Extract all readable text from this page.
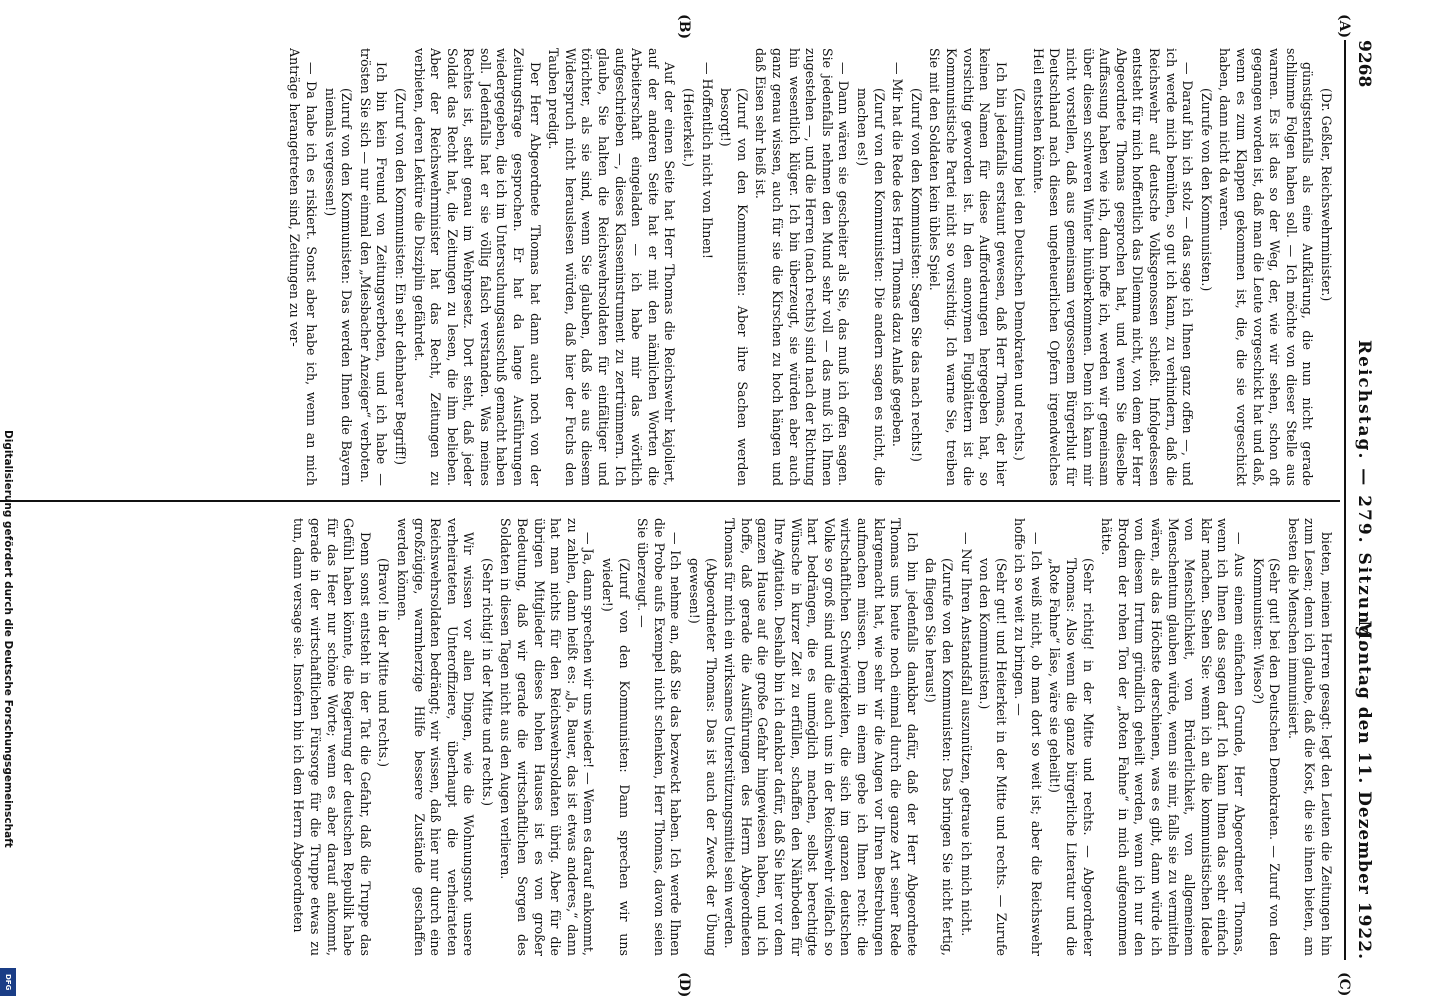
9268
Reichstag. — 279. Sitzung.
Montag den 11. Dezember 1922.
(A)
(B)
(C)
(D)

(Dr. Geßler, Reichswehrminister.)

günstigstenfalls als eine Aufklärung, die nun nicht gerade schlimme Folgen haben soll. — Ich möchte von dieser Stelle aus warnen. Es ist das so der Weg, der, wie wir sehen, schon oft gegangen worden ist, daß man die Leute vorgeschickt hat und daß, wenn es zum Klappen gekommen ist, die, die sie vorgeschickt haben, dann nicht da waren.

(Zurufe von den Kommunisten.)

— Darauf bin ich stolz — das sage ich Ihnen ganz offen —, und ich werde mich bemühen, so gut ich kann, zu verhindern, daß die Reichswehr auf deutsche Volksgenossen schießt. Infolgedessen entsteht für mich hoffentlich das Dilemma nicht, von dem der Herr Abgeordnete Thomas gesprochen hat, und wenn Sie dieselbe Auffassung haben wie ich, dann hoffe ich, werden wir gemeinsam über diesen schweren Winter hinüberkommen. Denn ich kann mir nicht vorstellen, daß aus gemeinsam vergossenem Bürgerblut für Deutschland nach diesen ungeheuerlichen Opfern irgendwelches Heil entstehen könnte.

(Zustimmung bei den Deutschen Demokraten und rechts.)

Ich bin jedenfalls erstaunt gewesen, daß Herr Thomas, der hier keinen Namen für diese Aufforderungen hergegeben hat, so vorsichtig geworden ist. In den anonymen Flugblättern ist die Kommunistische Partei nicht so vorsichtig. Ich warne Sie, treiben Sie mit den Soldaten kein übles Spiel.

(Zuruf von den Kommunisten: Sagen Sie das nach rechts!)

— Mir hat die Rede des Herrn Thomas dazu Anlaß gegeben.

(Zuruf von den Kommunisten: Die andern sagen es nicht, die machen es!)

— Dann wären sie gescheiter als Sie, das muß ich offen sagen. Sie jedenfalls nehmen den Mund sehr voll — das muß ich Ihnen zugestehen —, und die Herren (nach rechts) sind nach der Richtung hin wesentlich klüger. Ich bin überzeugt, sie würden aber auch ganz genau wissen, auch für sie die Kirschen zu hoch hängen und daß Eisen sehr heiß ist.

(Zuruf von den Kommunisten: Aber ihre Sachen werden besorgt!)

— Hoffentlich nicht von Ihnen!

(Heiterkeit.)

Auf der einen Seite hat Herr Thomas die Reichswehr kajoliert, auf der anderen Seite hat er mit den nämlichen Worten die Arbeiterschaft eingeladen — ich habe mir das wörtlich aufgeschrieben —, dieses Klasseninstrument zu zertrümmern. Ich glaube, Sie halten die Reichswehrsoldaten für einfältiger und törichter, als sie sind, wenn Sie glauben, daß sie aus diesem Widerspruch nicht herauslesen würden, daß hier der Fuchs den Tauben predigt.

Der Herr Abgeordnete Thomas hat dann auch noch von der Zeitungsfrage gesprochen. Er hat da lange Ausführungen wiedergegeben, die ich im Untersuchungsausschuß gemacht haben soll. Jedenfalls hat er sie völlig falsch verstanden. Was meines Rechtes ist, steht genau im Wehrgesetz. Dort steht, daß jeder Soldat das Recht hat, die Zeitungen zu lesen, die ihm belieben. Aber der Reichswehrminister hat das Recht, Zeitungen zu verbieten, deren Lektüre die Disziplin gefährdet.

(Zuruf von den Kommunisten: Ein sehr dehnbarer Begriff!)

Ich bin kein Freund von Zeitungsverboten, und ich habe — trösten Sie sich — nur einmal den „Miesbacher Anzeiger“ verboten.

(Zuruf von den Kommunisten: Das werden Ihnen die Bayern niemals vergessen!)

— Da habe ich es riskiert. Sonst aber habe ich, wenn an mich Anträge herangetreten sind, Zeitungen zu ver-

bieten, meinen Herren gesagt: legt den Leuten die Zeitungen hin zum Lesen; denn ich glaube, daß die Kost, die sie ihnen bieten, am besten die Menschen immunisiert.

(Sehr gut! bei den Deutschen Demokraten. — Zuruf von den Kommunisten: Wieso?)

— Aus einem einfachen Grunde, Herr Abgeordneter Thomas, wenn ich Ihnen das sagen darf. Ich kann Ihnen das sehr einfach klar machen. Sehen Sie: wenn ich an die kommunistischen Ideale von Menschlichkeit, von Brüderlichkeit, von allgemeinem Menschentum glauben würde, wenn sie mir, falls sie zu vermitteln wären, als das Höchste derschienen, was es gibt, dann würde ich von diesem Irrtum gründlich geheilt werden, wenn ich nur den Brodem der rohen Ton der „Roten Fahne“ in mich aufgenommen hätte.

(Sehr richtig! in der Mitte und rechts. — Abgeordneter Thomas: Also wenn die ganze bürgerliche Literatur und die „Rote Fahne“ läse, wäre sie geheilt!)

— Ich weiß nicht, ob man dort so weit ist; aber die Reichswehr hoffe ich so weit zu bringen. —

(Sehr gut! und Heiterkeit in der Mitte und rechts. — Zurufe von den Kommunisten.)

— Nur Ihren Anstandsfall auszunützen, getraue ich mich nicht.

(Zurufe von den Kommunisten: Das bringen Sie nicht fertig, da fliegen Sie heraus!)

Ich bin jedenfalls dankbar dafür, daß der Herr Abgeordnete Thomas uns heute noch einmal durch die ganze Art seiner Rede klargemacht hat, wie sehr wir die Augen vor Ihren Bestrebungen aufmachen müssen. Denn in einem gebe ich Ihnen recht: die wirtschaftlichen Schwierigkeiten, die sich im ganzen deutschen Volke so groß sind und die auch uns in der Reichswehr vielfach so hart bedrängen, die es unmöglich machen, selbst berechtigte Wünsche in kurzer Zeit zu erfüllen, schaffen den Nährboden für Ihre Agitation. Deshalb bin ich dankbar dafür, daß Sie hier vor dem ganzen Hause auf die große Gefahr hingewiesen haben, und ich hoffe, daß gerade die Ausführungen des Herrn Abgeordneten Thomas für mich ein wirksames Unterstützungsmittel sein werden.

(Abgeordneter Thomas: Das ist auch der Zweck der Übung gewesen!)

— Ich nehme an, daß Sie das bezweckt haben. Ich werde Ihnen die Probe aufs Exempel nicht schenken, Herr Thomas, davon seien Sie überzeugt. —

(Zuruf von den Kommunisten: Dann sprechen wir uns wieder!)

— Ja, dann sprechen wir uns wieder! — Wenn es darauf ankommt, zu zahlen, dann heißt es: „Ja, Bauer, das ist etwas anderes,“ dann hat man nichts für den Reichswehrsoldaten übrig. Aber für die übrigen Mitglieder dieses hohen Hauses ist es von großer Bedeutung, daß wir gerade die wirtschaftlichen Sorgen des Soldaten in diesen Tagen nicht aus den Augen verlieren.

(Sehr richtig! in der Mitte und rechts.)

Wir wissen vor allen Dingen, wie die Wohnungsnot unsere verheirateten Unteroffiziere, überhaupt die verheirateten Reichswehrsoldaten bedrängt; wir wissen, daß hier nur durch eine großzügige, warmherzige Hilfe bessere Zustände geschaffen werden können.

(Bravo! in der Mitte und rechts.)

Denn sonst entsteht in der Tat die Gefahr, daß die Truppe das Gefühl haben könnte, die Regierung der deutschen Republik habe für das Heer nur schöne Worte; wenn es aber darauf ankommt, gerade in der wirtschaftlichen Fürsorge für die Truppe etwas zu tun, dann versage sie. Insofern bin ich dem Herrn Abgeordneten

Digitalisierung gefördert durch die Deutsche Forschungsgemeinschaft
DFG
